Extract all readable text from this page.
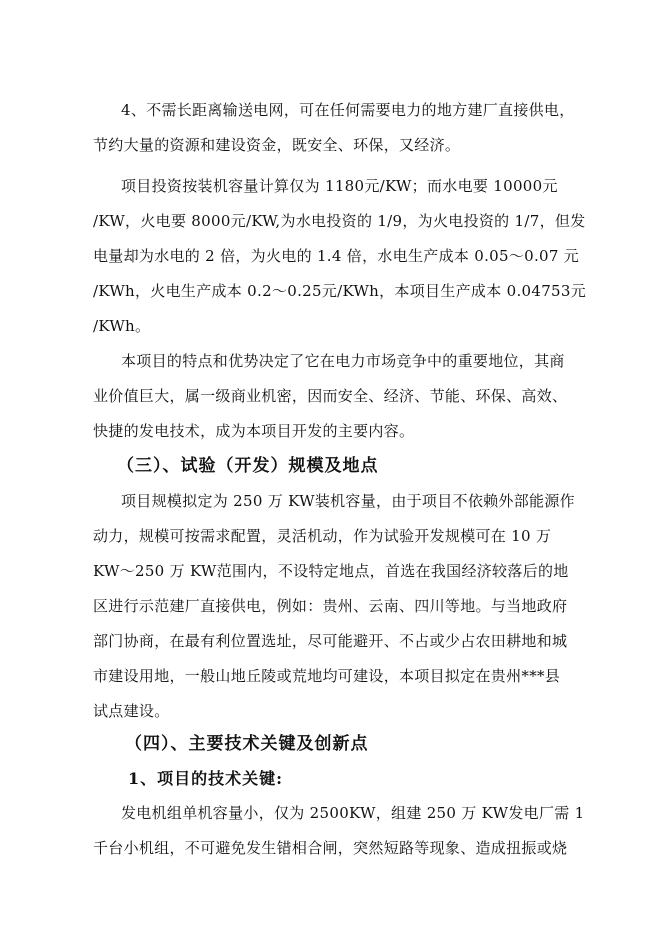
4、不需长距离输送电网，可在任何需要电力的地方建厂直接供电，
节约大量的资源和建设资金，既安全、环保，又经济。
项目投资按装机容量计算仅为 1180元/KW；而水电要 10000元
/KW，火电要 8000元/KW,为水电投资的 1/9，为火电投资的 1/7，但发
电量却为水电的 2 倍，为火电的 1.4 倍，水电生产成本 0.05～0.07 元
/KWh，火电生产成本 0.2～0.25元/KWh，本项目生产成本 0.04753元
/KWh。
本项目的特点和优势决定了它在电力市场竞争中的重要地位，其商
业价值巨大，属一级商业机密，因而安全、经济、节能、环保、高效、
快捷的发电技术，成为本项目开发的主要内容。
（三）、试验（开发）规模及地点
项目规模拟定为 250 万 KW装机容量，由于项目不依赖外部能源作
动力，规模可按需求配置，灵活机动，作为试验开发规模可在 10 万
KW～250 万 KW范围内，不设特定地点，首选在我国经济较落后的地
区进行示范建厂直接供电，例如：贵州、云南、四川等地。与当地政府
部门协商，在最有利位置选址，尽可能避开、不占或少占农田耕地和城
市建设用地，一般山地丘陵或荒地均可建设，本项目拟定在贵州***县
试点建设。
（四）、主要技术关键及创新点
1、项目的技术关键:
发电机组单机容量小，仅为 2500KW，组建 250 万 KW发电厂需 1
千台小机组，不可避免发生错相合闸，突然短路等现象、造成扭振或烧
